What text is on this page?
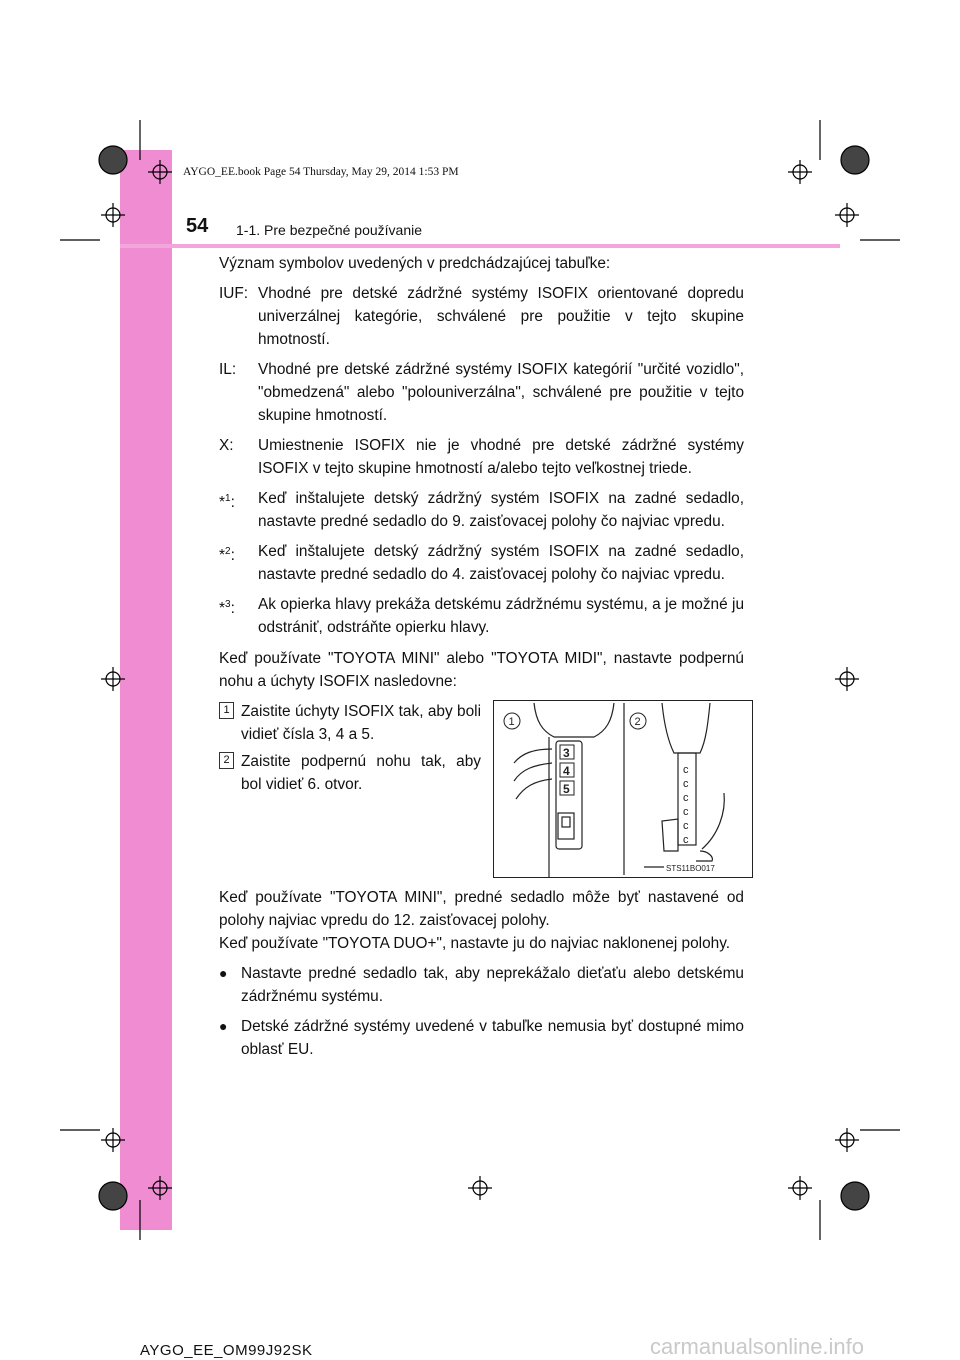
AYGO_EE.book Page 54 Thursday, May 29, 2014 1:53 PM
54 1-1. Pre bezpečné používanie

Význam symbolov uvedených v predchádzajúcej tabuľke:

IUF: Vhodné pre detské zádržné systémy ISOFIX orientované dopredu univerzálnej kategórie, schválené pre použitie v tejto skupine hmotností.
IL:	Vhodné pre detské zádržné systémy ISOFIX kategórií "určité vozidlo", "obmedzená" alebo "polouniverzálna", schválené pre použitie v tejto skupine hmotností.
X:	Umiestnenie ISOFIX nie je vhodné pre detské zádržné systémy ISOFIX v tejto skupine hmotností a/alebo tejto veľkostnej triede.
*$^1$:	Keď inštalujete detský zádržný systém ISOFIX na zadné sedadlo, nastavte predné sedadlo do 9. zaisťovacej polohy čo najviac vpredu.
*$^2$:	Keď inštalujete detský zádržný systém ISOFIX na zadné sedadlo, nastavte predné sedadlo do 4. zaisťovacej polohy čo najviac vpredu.
*$^3$:	Ak opierka hlavy prekáža detskému zádržnému systému, a je možné ju odstrániť, odstráňte opierku hlavy.

Keď používate "TOYOTA MINI" alebo "TOYOTA MIDI", nastavte podpernú nohu a úchyty ISOFIX nasledovne:

1 Zaistite úchyty ISOFIX tak, aby boli vidieť čísla 3, 4 a 5.
2 Zaistite podpernú nohu tak, aby bol vidieť 6. otvor.
3
4
5
c
c
c
c
c
c
1	2
STS11BO017

Keď používate "TOYOTA MINI", predné sedadlo môže byť nastavené od polohy najviac vpredu do 12. zaisťovacej polohy.

Keď používate "TOYOTA DUO+", nastavte ju do najviac naklonenej polohy.

● Nastavte predné sedadlo tak, aby neprekážalo dieťaťu alebo detskému zádržnému systému.
● Detské zádržné systémy uvedené v tabuľke nemusia byť dostupné mimo oblasť EU.
AYGO_EE_OM99J92SK	carmanualsonline.info
